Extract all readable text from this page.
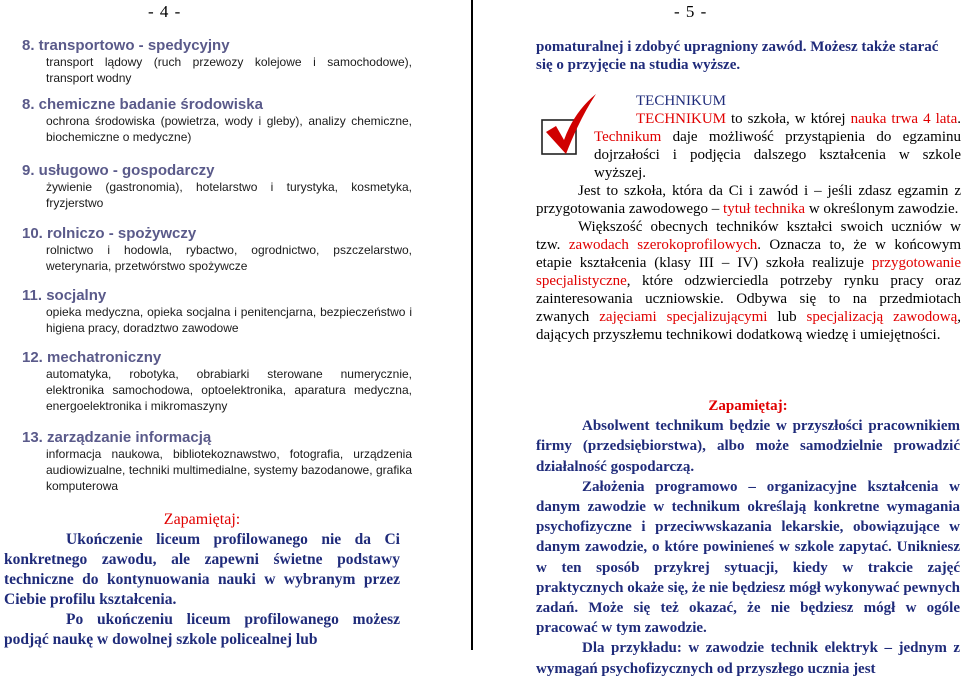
- 4 -
8. transportowo - spedycyjny
transport lądowy (ruch przewozy kolejowe i samochodowe), transport wodny
8. chemiczne badanie środowiska
ochrona środowiska (powietrza, wody i gleby), analizy chemiczne, biochemiczne o medyczne)
9. usługowo - gospodarczy
żywienie (gastronomia), hotelarstwo i turystyka, kosmetyka, fryzjerstwo
10. rolniczo - spożywczy
rolnictwo i hodowla, rybactwo, ogrodnictwo, pszczelarstwo, weterynaria, przetwórstwo spożywcze
11. socjalny
opieka medyczna, opieka socjalna i penitencjarna, bezpieczeństwo i higiena pracy, doradztwo zawodowe
12. mechatroniczny
automatyka, robotyka, obrabiarki sterowane numerycznie, elektronika samochodowa, optoelektronika, aparatura medyczna, energoelektronika i mikromaszyny
13. zarządzanie informacją
informacja naukowa, bibliotekoznawstwo, fotografia, urządzenia audiowizualne, techniki multimedialne, systemy bazodanowe, grafika komputerowa
Zapamiętaj:
Ukończenie liceum profilowanego nie da Ci konkretnego zawodu, ale zapewni świetne podstawy techniczne do kontynuowania nauki w wybranym przez Ciebie profilu kształcenia.
Po ukończeniu liceum profilowanego możesz podjąć naukę w dowolnej szkole policealnej lub
- 5 -
pomaturalnej i zdobyć upragniony zawód. Możesz także starać się o przyjęcie na studia wyższe.
TECHNIKUM
TECHNIKUM to szkoła, w której nauka trwa 4 lata. Technikum daje możliwość przystąpienia do egzaminu dojrzałości i podjęcia dalszego kształcenia w szkole wyższej.
Jest to szkoła, która da Ci i zawód i – jeśli zdasz egzamin z przygotowania zawodowego – tytuł technika w określonym zawodzie.
Większość obecnych techników kształci swoich uczniów w tzw. zawodach szerokoprofilowych. Oznacza to, że w końcowym etapie kształcenia (klasy III – IV) szkoła realizuje przygotowanie specjalistyczne, które odzwierciedla potrzeby rynku pracy oraz zainteresowania uczniowskie. Odbywa się to na przedmiotach zwanych zajęciami specjalizującymi lub specjalizacją zawodową, dających przyszłemu technikowi dodatkową wiedzę i umiejętności.
Zapamiętaj:
Absolwent technikum będzie w przyszłości pracownikiem firmy (przedsiębiorstwa), albo może samodzielnie prowadzić działalność gospodarczą.
Założenia programowo – organizacyjne kształcenia w danym zawodzie w technikum określają konkretne wymagania psychofizyczne i przeciwwskazania lekarskie, obowiązujące w danym zawodzie, o które powinieneś w szkole zapytać. Unikniesz w ten sposób przykrej sytuacji, kiedy w trakcie zajęć praktycznych okaże się, że nie będziesz mógł wykonywać pewnych zadań. Może się też okazać, że nie będziesz mógł w ogóle pracować w tym zawodzie.
Dla przykładu: w zawodzie technik elektryk – jednym z wymagań psychofizycznych od przyszłego ucznia jest
